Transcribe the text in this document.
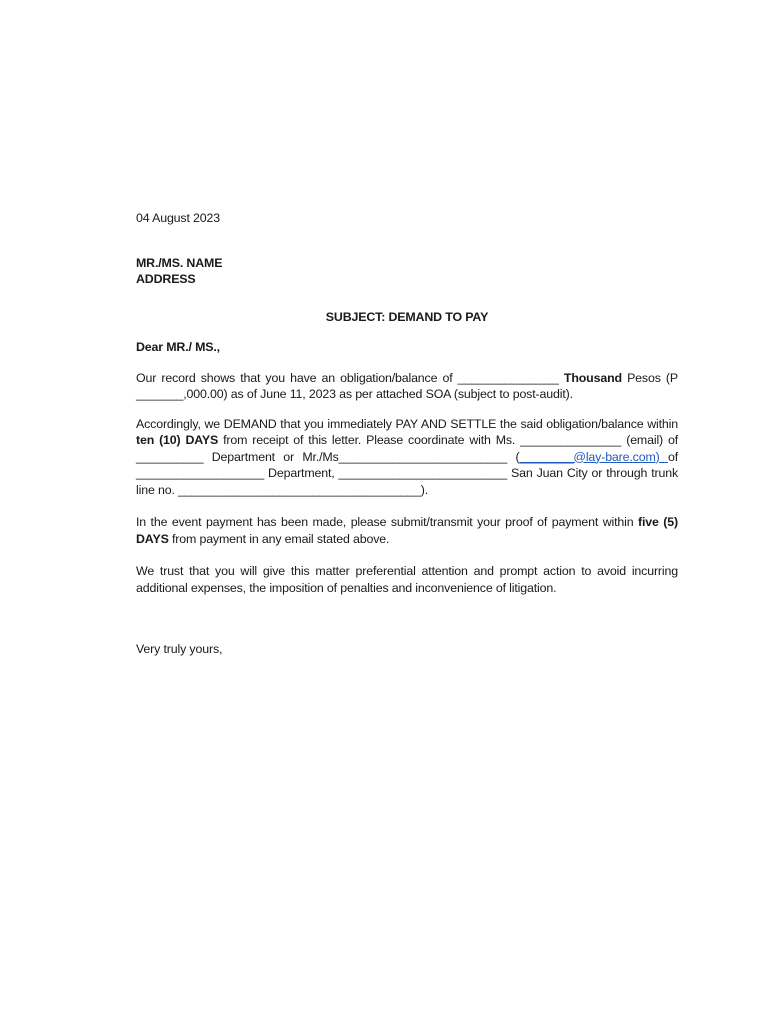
04 August 2023
MR./MS. NAME
ADDRESS
SUBJECT: DEMAND TO PAY
Dear MR./ MS.,

Our record shows that you have an obligation/balance of _______________ Thousand Pesos (P _______,000.00) as of June 11, 2023 as per attached SOA (subject to post-audit).

Accordingly, we DEMAND that you immediately PAY AND SETTLE the said obligation/balance within ten (10) DAYS from receipt of this letter. Please coordinate with Ms. _______________ (email) of __________ Department or Mr./Ms_________________________ (________@lay-bare.com) of ___________________ Department, _________________________ San Juan City or through trunk line no. ____________________________________).

In the event payment has been made, please submit/transmit your proof of payment within five (5) DAYS from payment in any email stated above.

We trust that you will give this matter preferential attention and prompt action to avoid incurring additional expenses, the imposition of penalties and inconvenience of litigation.

Very truly yours,
